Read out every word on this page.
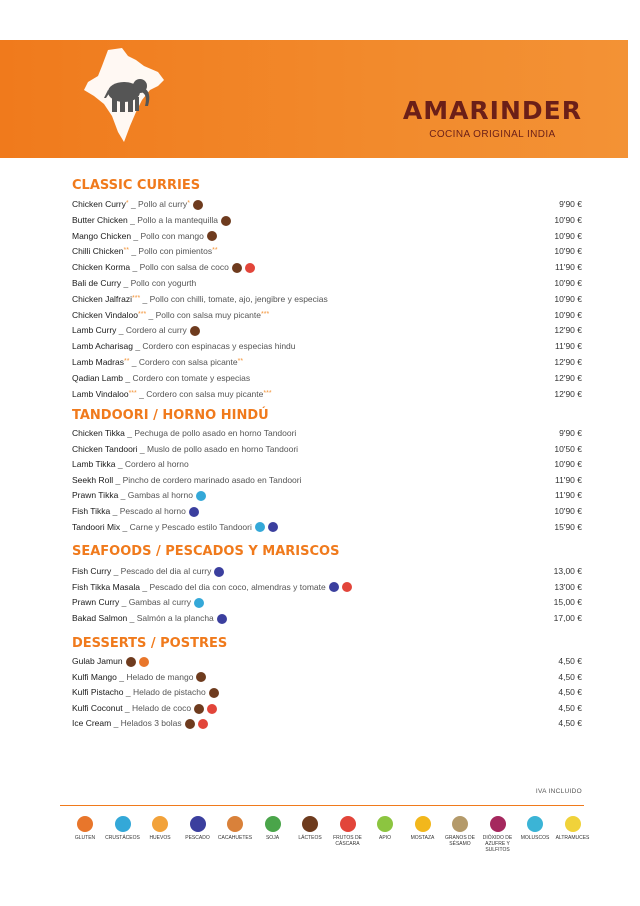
AMARINDER
COCINA ORIGINAL INDIA
CLASSIC CURRIES
Chicken Curry* _ Pollo al curry*	9'90 €
Butter Chicken _ Pollo a la mantequilla	10'90 €
Mango Chicken _ Pollo con mango	10'90 €
Chilli Chicken** _ Pollo con pimientos**	10'90 €
Chicken Korma _ Pollo con salsa de coco	11'90 €
Bali de Curry _ Pollo con yogurth	10'90 €
Chicken Jalfrazi*** _ Pollo con chilli, tomate, ajo, jengibre y especias	10'90 €
Chicken Vindaloo*** _ Pollo con salsa muy picante***	10'90 €
Lamb Curry _ Cordero al curry	12'90 €
Lamb Acharisag _ Cordero con espinacas y especias hindu	11'90 €
Lamb Madras** _ Cordero con salsa picante**	12'90 €
Qadian Lamb _ Cordero con tomate y especias	12'90 €
Lamb Vindaloo*** _ Cordero con salsa muy picante***	12'90 €
TANDOORI / HORNO HINDÚ
Chicken Tikka _ Pechuga de pollo asado en horno Tandoori	9'90 €
Chicken Tandoori _ Muslo de pollo asado en horno Tandoori	10'50 €
Lamb Tikka _ Cordero al horno	10'90 €
Seekh Roll _ Pincho de cordero marinado asado en Tandoori	11'90 €
Prawn Tikka _ Gambas al horno	11'90 €
Fish Tikka _ Pescado al horno	10'90 €
Tandoori Mix _ Carne y Pescado estilo Tandoori	15'90 €
SEAFOODS / PESCADOS Y MARISCOS
Fish Curry _ Pescado del dia al curry	13,00 €
Fish Tikka Masala _ Pescado del dia con coco, almendras y tomate	13'00 €
Prawn Curry _ Gambas al curry	15,00 €
Bakad Salmon _ Salmón a la plancha	17,00 €
DESSERTS / POSTRES
Gulab Jamun	4,50 €
Kulfi Mango _ Helado de mango	4,50 €
Kulfi Pistacho _ Helado de pistacho	4,50 €
Kulfi Coconut _ Helado de coco	4,50 €
Ice Cream _ Helados 3 bolas	4,50 €
IVA INCLUIDO
GLUTEN	CRUSTÁCEOS	HUEVOS	PESCADO	CACAHUETES	SOJA	LÁCTEOS	FRUTOS DE CÁSCARA
APIO	MOSTAZA	GRANOS DE SÉSAMO
DIÓXIDO DE AZUFRE Y SULFITOS
MOLUSCOS	ALTRAMUCES
